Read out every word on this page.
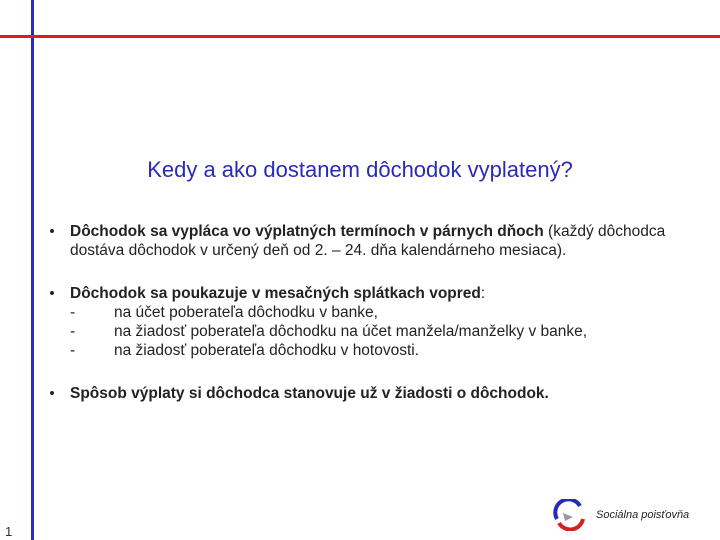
Kedy a ako dostanem dôchodok vyplatený?
• Dôchodok sa vypláca vo výplatných termínoch v párnych dňoch (každý dôchodca dostáva dôchodok v určený deň od 2. – 24. dňa kalendárneho mesiaca).
• Dôchodok sa poukazuje v mesačných splátkach vopred:
-	na účet poberateľa dôchodku v banke,
-	na žiadosť poberateľa dôchodku na účet manžela/manželky v banke,
-	na žiadosť poberateľa dôchodku v hotovosti.
• Spôsob výplaty si dôchodca stanovuje už v žiadosti o dôchodok.
1
Sociálna poisťovňa
